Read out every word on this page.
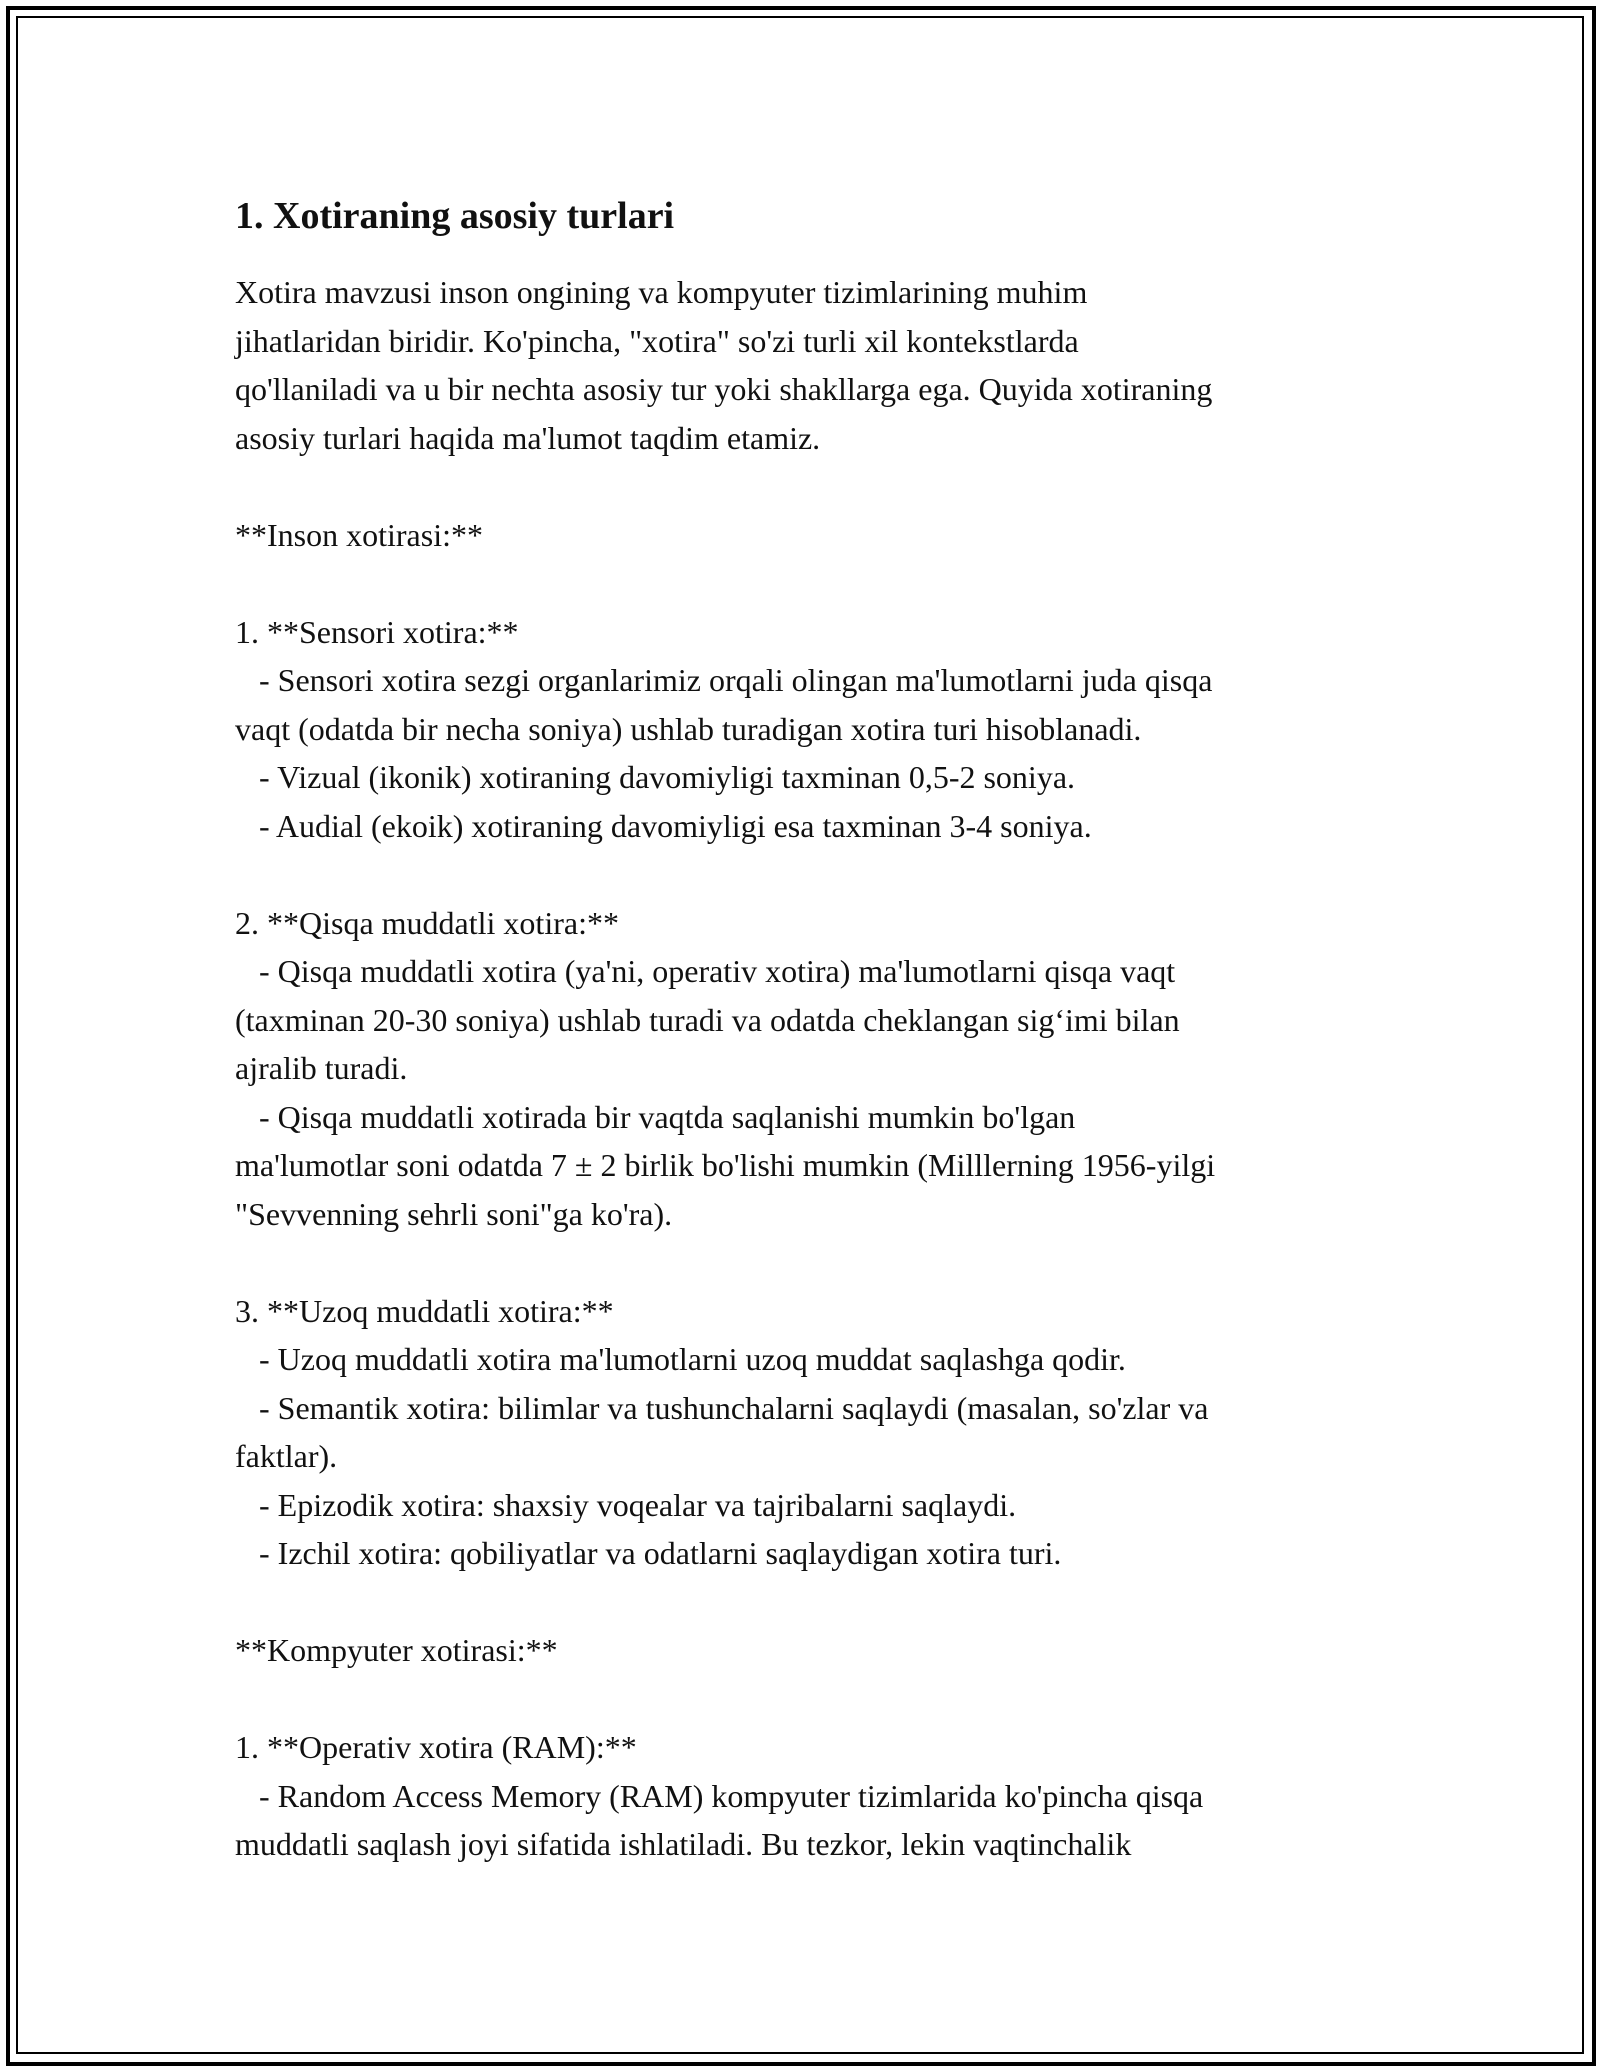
1. Xotiraning asosiy turlari

Xotira mavzusi inson ongining va kompyuter tizimlarining muhim
jihatlaridan biridir. Ko'pincha, "xotira" so'zi turli xil kontekstlarda
qo'llaniladi va u bir nechta asosiy tur yoki shakllarga ega. Quyida xotiraning
asosiy turlari haqida ma'lumot taqdim etamiz.

**Inson xotirasi:**

1. **Sensori xotira:**
- Sensori xotira sezgi organlarimiz orqali olingan ma'lumotlarni juda qisqa
vaqt (odatda bir necha soniya) ushlab turadigan xotira turi hisoblanadi.
- Vizual (ikonik) xotiraning davomiyligi taxminan 0,5-2 soniya.
- Audial (ekoik) xotiraning davomiyligi esa taxminan 3-4 soniya.

2. **Qisqa muddatli xotira:**
- Qisqa muddatli xotira (ya'ni, operativ xotira) ma'lumotlarni qisqa vaqt
(taxminan 20-30 soniya) ushlab turadi va odatda cheklangan sig‘imi bilan
ajralib turadi.
- Qisqa muddatli xotirada bir vaqtda saqlanishi mumkin bo'lgan
ma'lumotlar soni odatda 7 ± 2 birlik bo'lishi mumkin (Milllerning 1956-yilgi
"Sevvenning sehrli soni"ga ko'ra).

3. **Uzoq muddatli xotira:**
- Uzoq muddatli xotira ma'lumotlarni uzoq muddat saqlashga qodir.
- Semantik xotira: bilimlar va tushunchalarni saqlaydi (masalan, so'zlar va
faktlar).
- Epizodik xotira: shaxsiy voqealar va tajribalarni saqlaydi.
- Izchil xotira: qobiliyatlar va odatlarni saqlaydigan xotira turi.

**Kompyuter xotirasi:**

1. **Operativ xotira (RAM):**
- Random Access Memory (RAM) kompyuter tizimlarida ko'pincha qisqa
muddatli saqlash joyi sifatida ishlatiladi. Bu tezkor, lekin vaqtinchalik
